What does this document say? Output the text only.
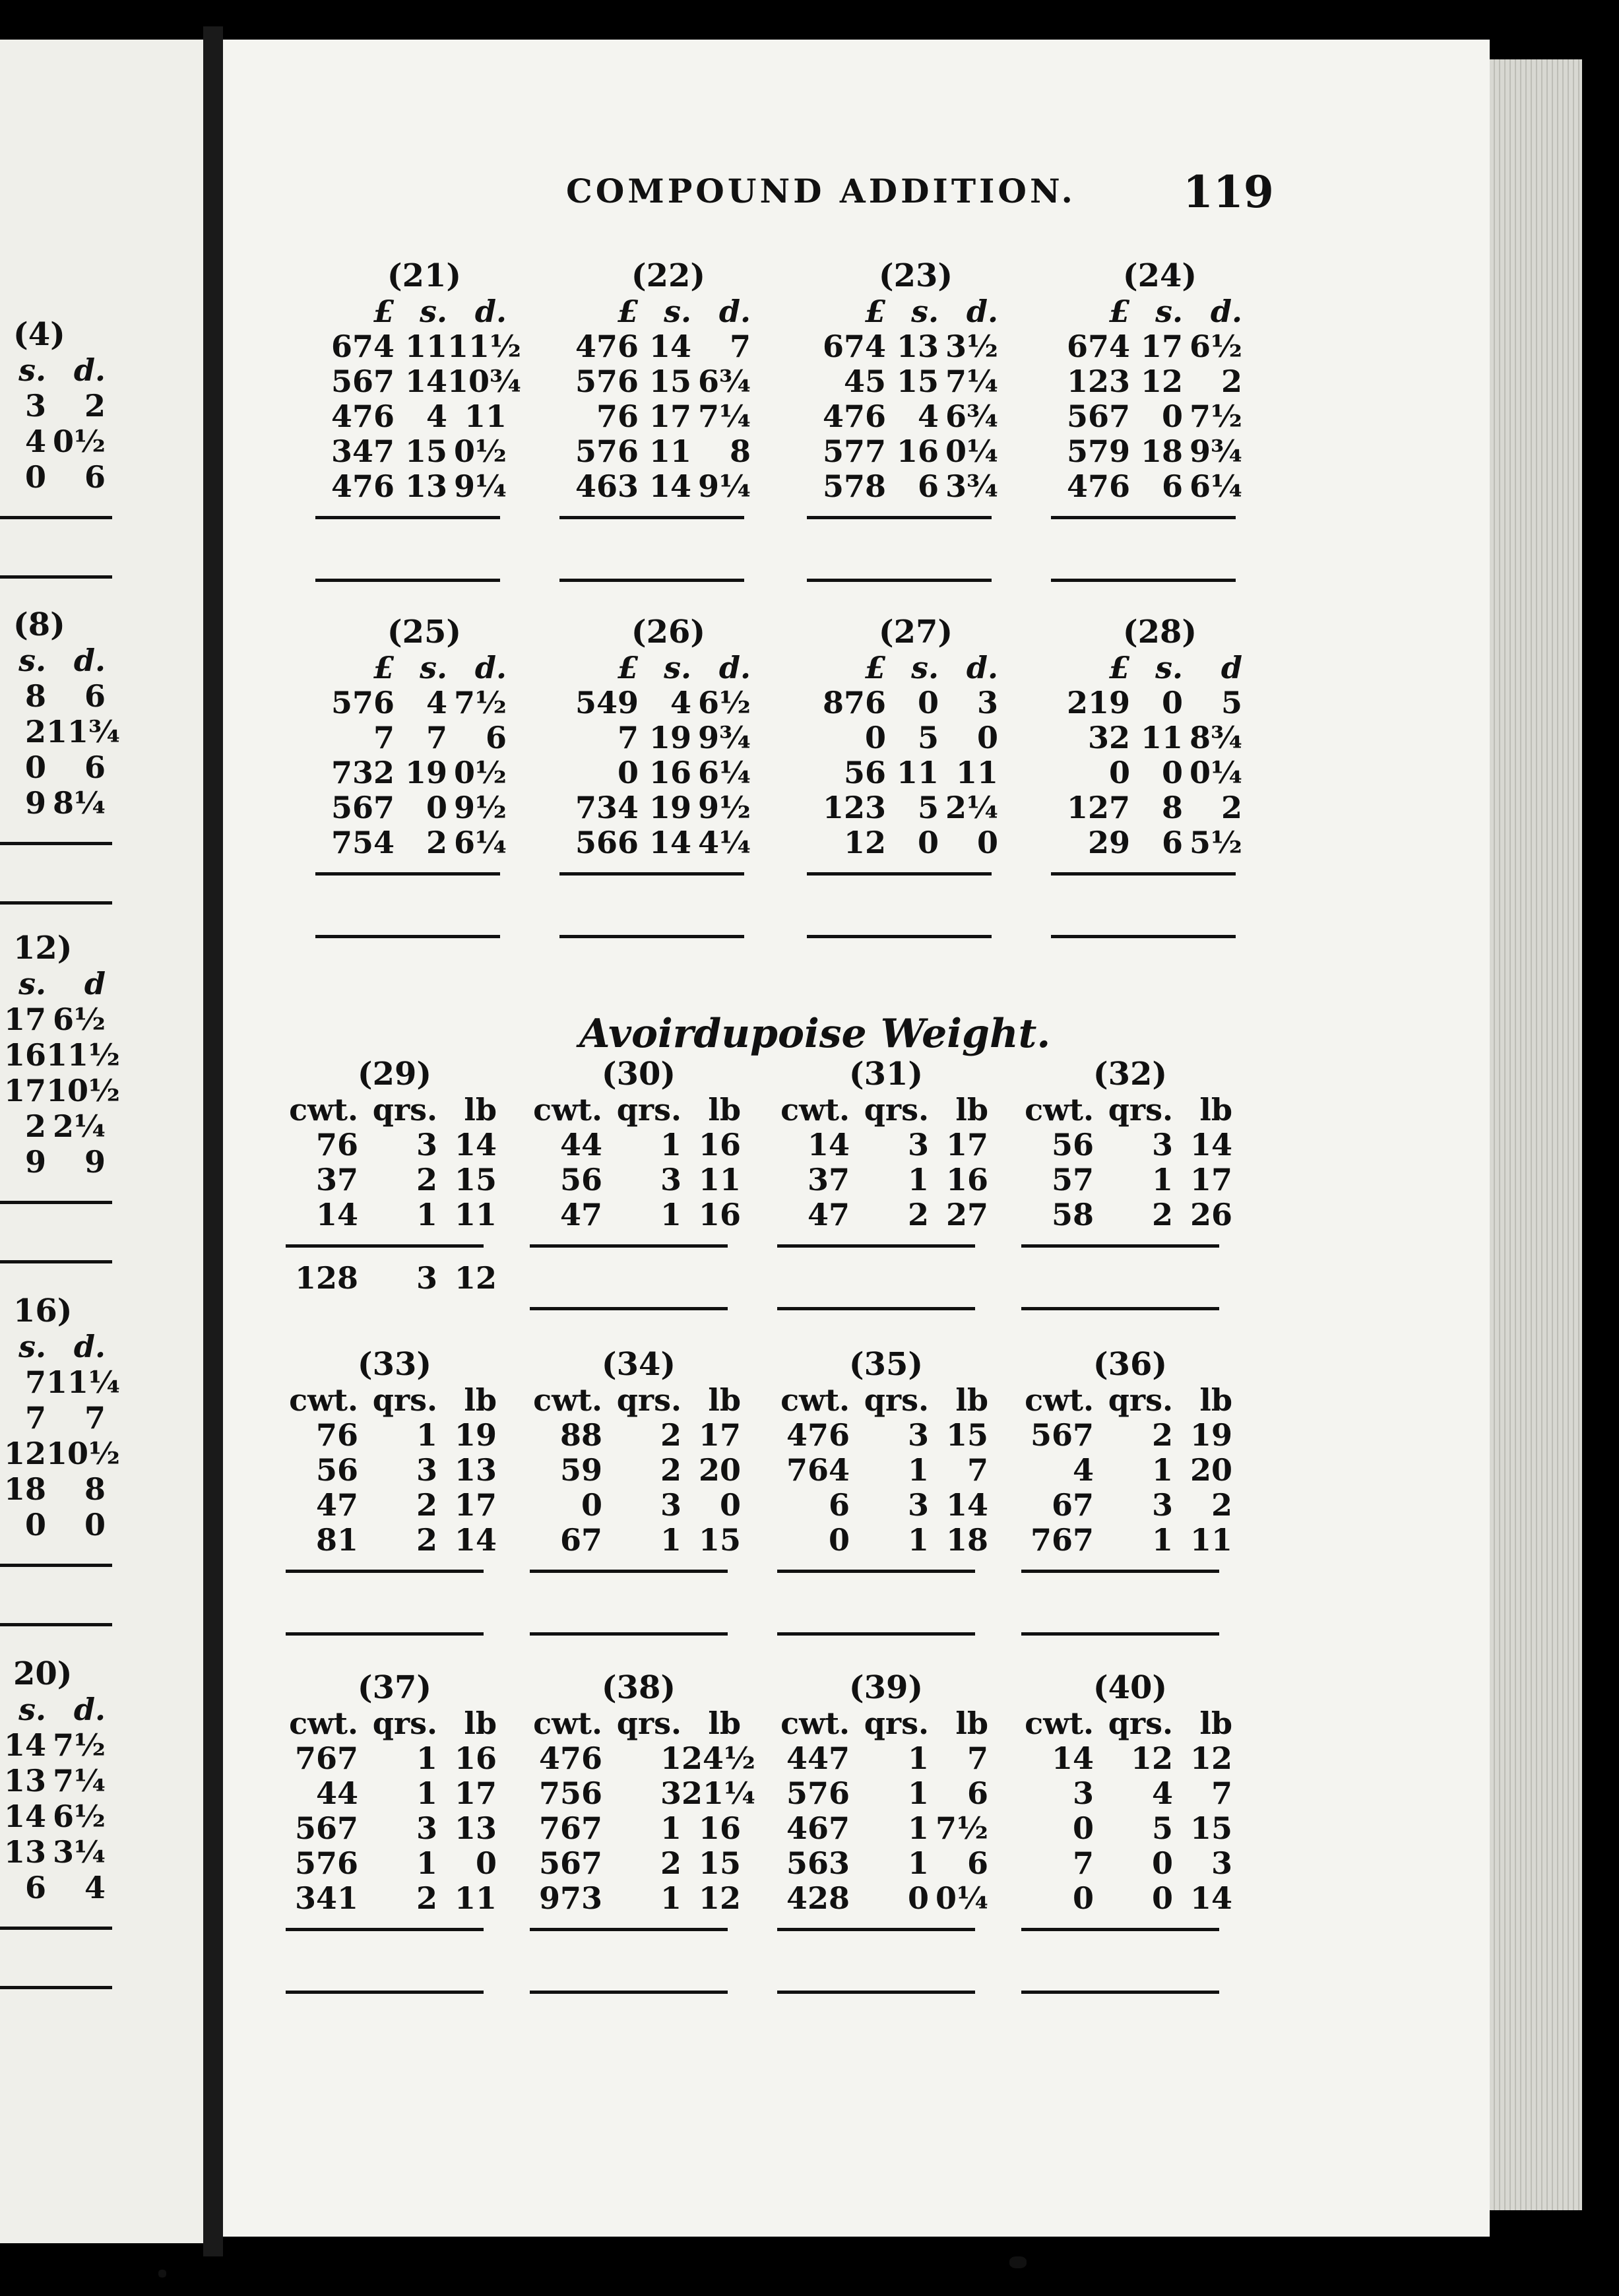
(4)
s. d.
3	2
4 0½
0	6
(8)
s. d.
8	6
2 11¾
0	6
9 8¼
12)
s.	d
17 6½
16 11½
17 10½
2 2¼
9	9
16)
s. d.
7 11¼
7	7
12 10½
18	8
0	0
20)
s. d.
14 7½
13 7¼
14 6½
13 3¼
6	4
COMPOUND ADDITION. 119
Avoirdupoise Weight.
(21)
£ s. d.
674 11 11½
567 14 10¾
476	4 11
347 15 0½
476 13 9¼
(22)
£ s. d.
476 14	7
576 15 6¾
76 17 7¼
576 11	8
463 14 9¼
(23)
£ s. d.
674 13 3½
45 15 7¼
476	4 6¾
577 16 0¼
578	6 3¾
(24)
£ s. d.
674 17 6½
123 12	2
567	0 7½
579 18 9¾
476	6 6¼
(25)
£ s. d.
576	4 7½
7	7	6
732 19 0½
567	0 9½
754	2 6¼
(26)
£ s. d.
549	4 6½
7 19 9¾
0 16 6¼
734 19 9½
566 14 4¼
(27)
£ s. d.
876	0	3
0	5	0
56 11 11
123	5 2¼
12	0	0
(28)
£ s.	d
219	0	5
32 11 8¾
0	0 0¼
127	8	2
29	6 5½
(29)
cwt. qrs. lb
76	3 14
37	2 15
14	1 11
128	3 12
(30)
cwt. qrs. lb
44	1 16
56	3 11
47	1 16
(31)
cwt. qrs. lb
14	3 17
37	1 16
47	2 27
(32)
cwt. qrs. lb
56	3 14
57	1 17
58	2 26
(33)
cwt. qrs. lb
76	1 19
56	3 13
47	2 17
81	2 14
(34)
cwt. qrs. lb
88	2 17
59	2 20
0	3	0
67	1 15
(35)
cwt. qrs. lb
476	3 15
764	1	7
6	3 14
0	1 18
(36)
cwt. qrs. lb
567	2 19
4	1 20
67	3	2
767	1 11
(37)
cwt. qrs. lb
767	1 16
44	1 17
567	3 13
576	1	0
341	2 11
(38)
cwt. qrs. lb
476	1 24½
756	3 21¼
767	1 16
567	2 15
973	1 12
(39)
cwt. qrs. lb
447	1	7
576	1	6
467	1 7½
563	1	6
428	0 0¼
(40)
cwt. qrs. lb
14	12 12
3	4	7
0	5 15
7	0	3
0	0 14
